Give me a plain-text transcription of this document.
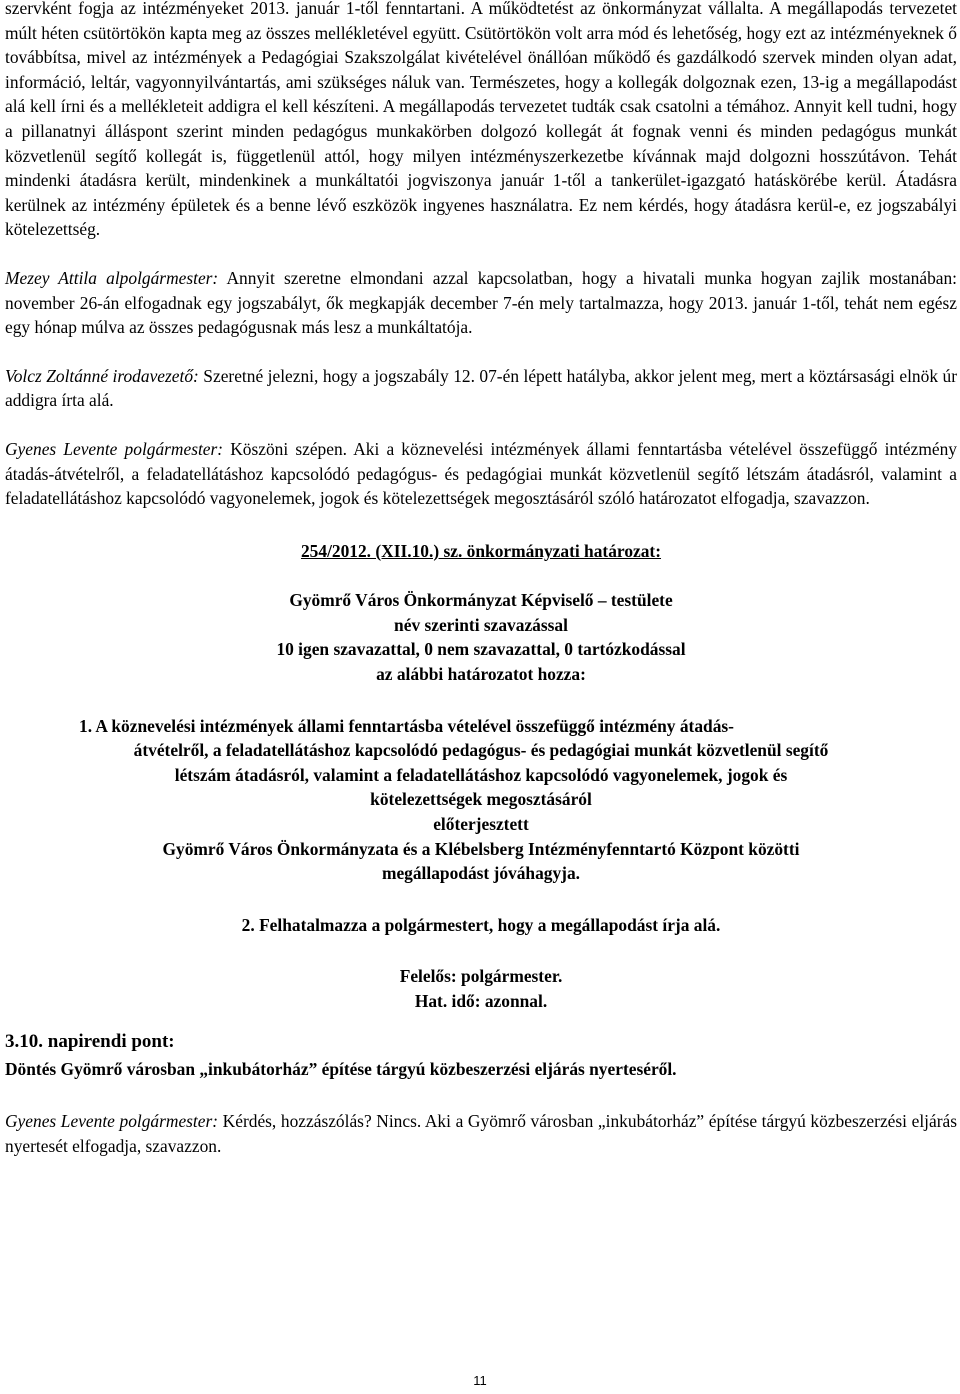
szervként fogja az intézményeket 2013. január 1-től fenntartani. A működtetést az önkormányzat vállalta. A megállapodás tervezetet múlt héten csütörtökön kapta meg az összes mellékletével együtt. Csütörtökön volt arra mód és lehetőség, hogy ezt az intézményeknek ő továbbítsa, mivel az intézmények a Pedagógiai Szakszolgálat kivételével önállóan működő és gazdálkodó szervek minden olyan adat, információ, leltár, vagyonnyilvántartás, ami szükséges náluk van. Természetes, hogy a kollegák dolgoznak ezen, 13-ig a megállapodást alá kell írni és a mellékleteit addigra el kell készíteni. A megállapodás tervezetet tudták csak csatolni a témához. Annyit kell tudni, hogy a pillanatnyi álláspont szerint minden pedagógus munkakörben dolgozó kollegát át fognak venni és minden pedagógus munkát közvetlenül segítő kollegát is, függetlenül attól, hogy milyen intézményszerkezetbe kívánnak majd dolgozni hosszútávon. Tehát mindenki átadásra került, mindenkinek a munkáltatói jogviszonya január 1-től a tankerület-igazgató hatáskörébe kerül. Átadásra kerülnek az intézmény épületek és a benne lévő eszközök ingyenes használatra. Ez nem kérdés, hogy átadásra kerül-e, ez jogszabályi kötelezettség.

Mezey Attila alpolgármester: Annyit szeretne elmondani azzal kapcsolatban, hogy a hivatali munka hogyan zajlik mostanában: november 26-án elfogadnak egy jogszabályt, ők megkapják december 7-én mely tartalmazza, hogy 2013. január 1-től, tehát nem egész egy hónap múlva az összes pedagógusnak más lesz a munkáltatója.

Volcz Zoltánné irodavezető: Szeretné jelezni, hogy a jogszabály 12. 07-én lépett hatályba, akkor jelent meg, mert a köztársasági elnök úr addigra írta alá.

Gyenes Levente polgármester: Köszöni szépen. Aki a köznevelési intézmények állami fenntartásba vételével összefüggő intézmény átadás-átvételről, a feladatellátáshoz kapcsolódó pedagógus- és pedagógiai munkát közvetlenül segítő létszám átadásról, valamint a feladatellátáshoz kapcsolódó vagyonelemek, jogok és kötelezettségek megosztásáról szóló határozatot elfogadja, szavazzon.

254/2012. (XII.10.) sz. önkormányzati határozat:
Gyömrő Város Önkormányzat Képviselő – testülete
név szerinti szavazással
10 igen szavazattal, 0 nem szavazattal, 0 tartózkodással
az alábbi határozatot hozza:
1. A köznevelési intézmények állami fenntartásba vételével összefüggő intézmény átadás-
átvételről, a feladatellátáshoz kapcsolódó pedagógus- és pedagógiai munkát közvetlenül segítő
létszám átadásról, valamint a feladatellátáshoz kapcsolódó vagyonelemek, jogok és
kötelezettségek megosztásáról
előterjesztett
Gyömrő Város Önkormányzata és a Klébelsberg Intézményfenntartó Központ közötti
megállapodást jóváhagyja.
2. Felhatalmazza a polgármestert, hogy a megállapodást írja alá.
Felelős: polgármester.
Hat. idő: azonnal.
3.10. napirendi pont:
Döntés Gyömrő városban „inkubátorház” építése tárgyú közbeszerzési eljárás nyerteséről.

Gyenes Levente polgármester: Kérdés, hozzászólás? Nincs. Aki a Gyömrő városban „inkubátorház” építése tárgyú közbeszerzési eljárás nyertesét elfogadja, szavazzon.

11
